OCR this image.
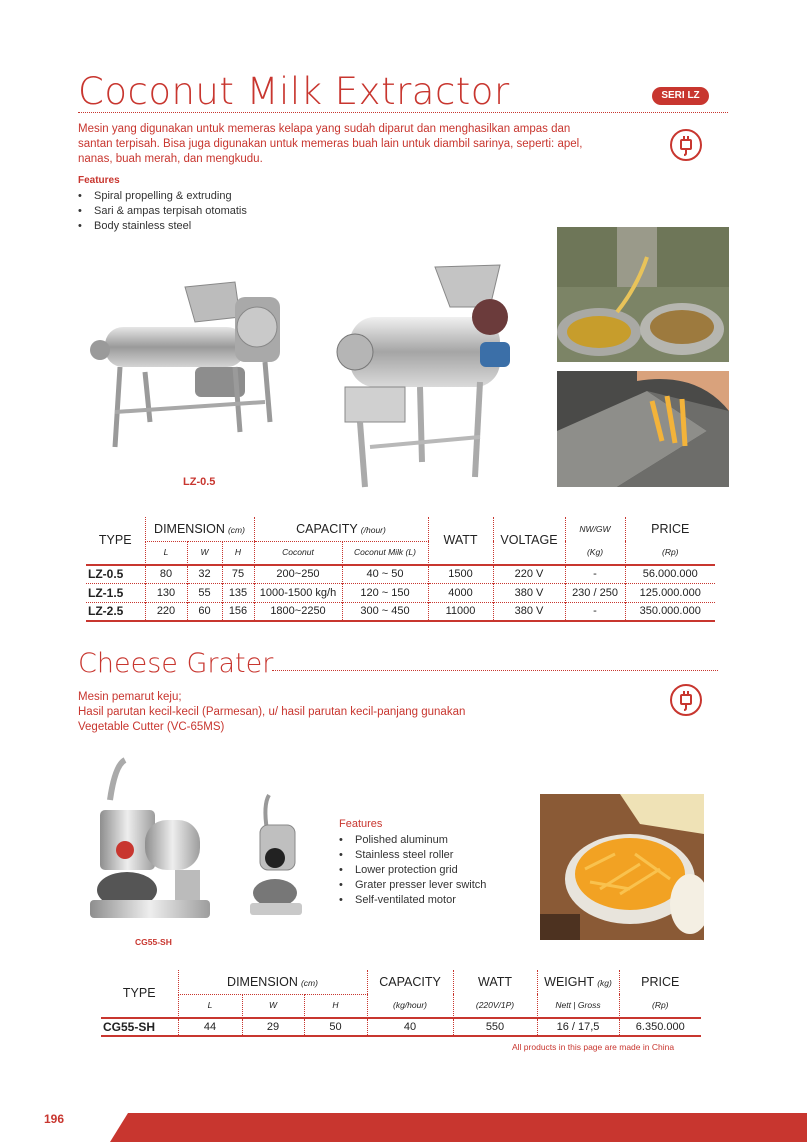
Coconut Milk Extractor	SERI LZ
Mesin yang digunakan untuk memeras kelapa yang sudah diparut dan menghasilkan ampas dan santan terpisah. Bisa juga digunakan untuk memeras buah lain untuk diambil sarinya, seperti: apel, nanas, buah merah, dan mengkudu.
Features
• Spiral propelling & extruding
• Sari & ampas terpisah otomatis
• Body stainless steel
LZ-0.5
TYPE	DIMENSION (cm)			CAPACITY (/hour)		WATT	VOLTAGE	NW/GW	PRICE
	L	W	H	Coconut	Coconut Milk (L)			(Kg)	(Rp)

LZ-0.5	80	32	75	200~250	40 ~ 50	1500	220 V	-	56.000.000
LZ-1.5	130	55	135	1000-1500 kg/h	120 ~ 150	4000	380 V	230 / 250	125.000.000
LZ-2.5	220	60	156	1800~2250	300 ~ 450	11000	380 V	-	350.000.000
Cheese Grater
Mesin pemarut keju;
Hasil parutan kecil-kecil (Parmesan), u/ hasil parutan kecil-panjang gunakan
Vegetable Cutter (VC-65MS)
CG55-SH
Features
• Polished aluminum
• Stainless steel roller
• Lower protection grid
• Grater presser lever switch
• Self-ventilated motor
TYPE	DIMENSION (cm)			CAPACITY	WATT	WEIGHT (kg)	PRICE
	L	W	H	(kg/hour)	(220V/1P)	Nett | Gross	(Rp)

CG55-SH	44	29	50	40	550	16 / 17,5	6.350.000
All products in this page are made in China
196
